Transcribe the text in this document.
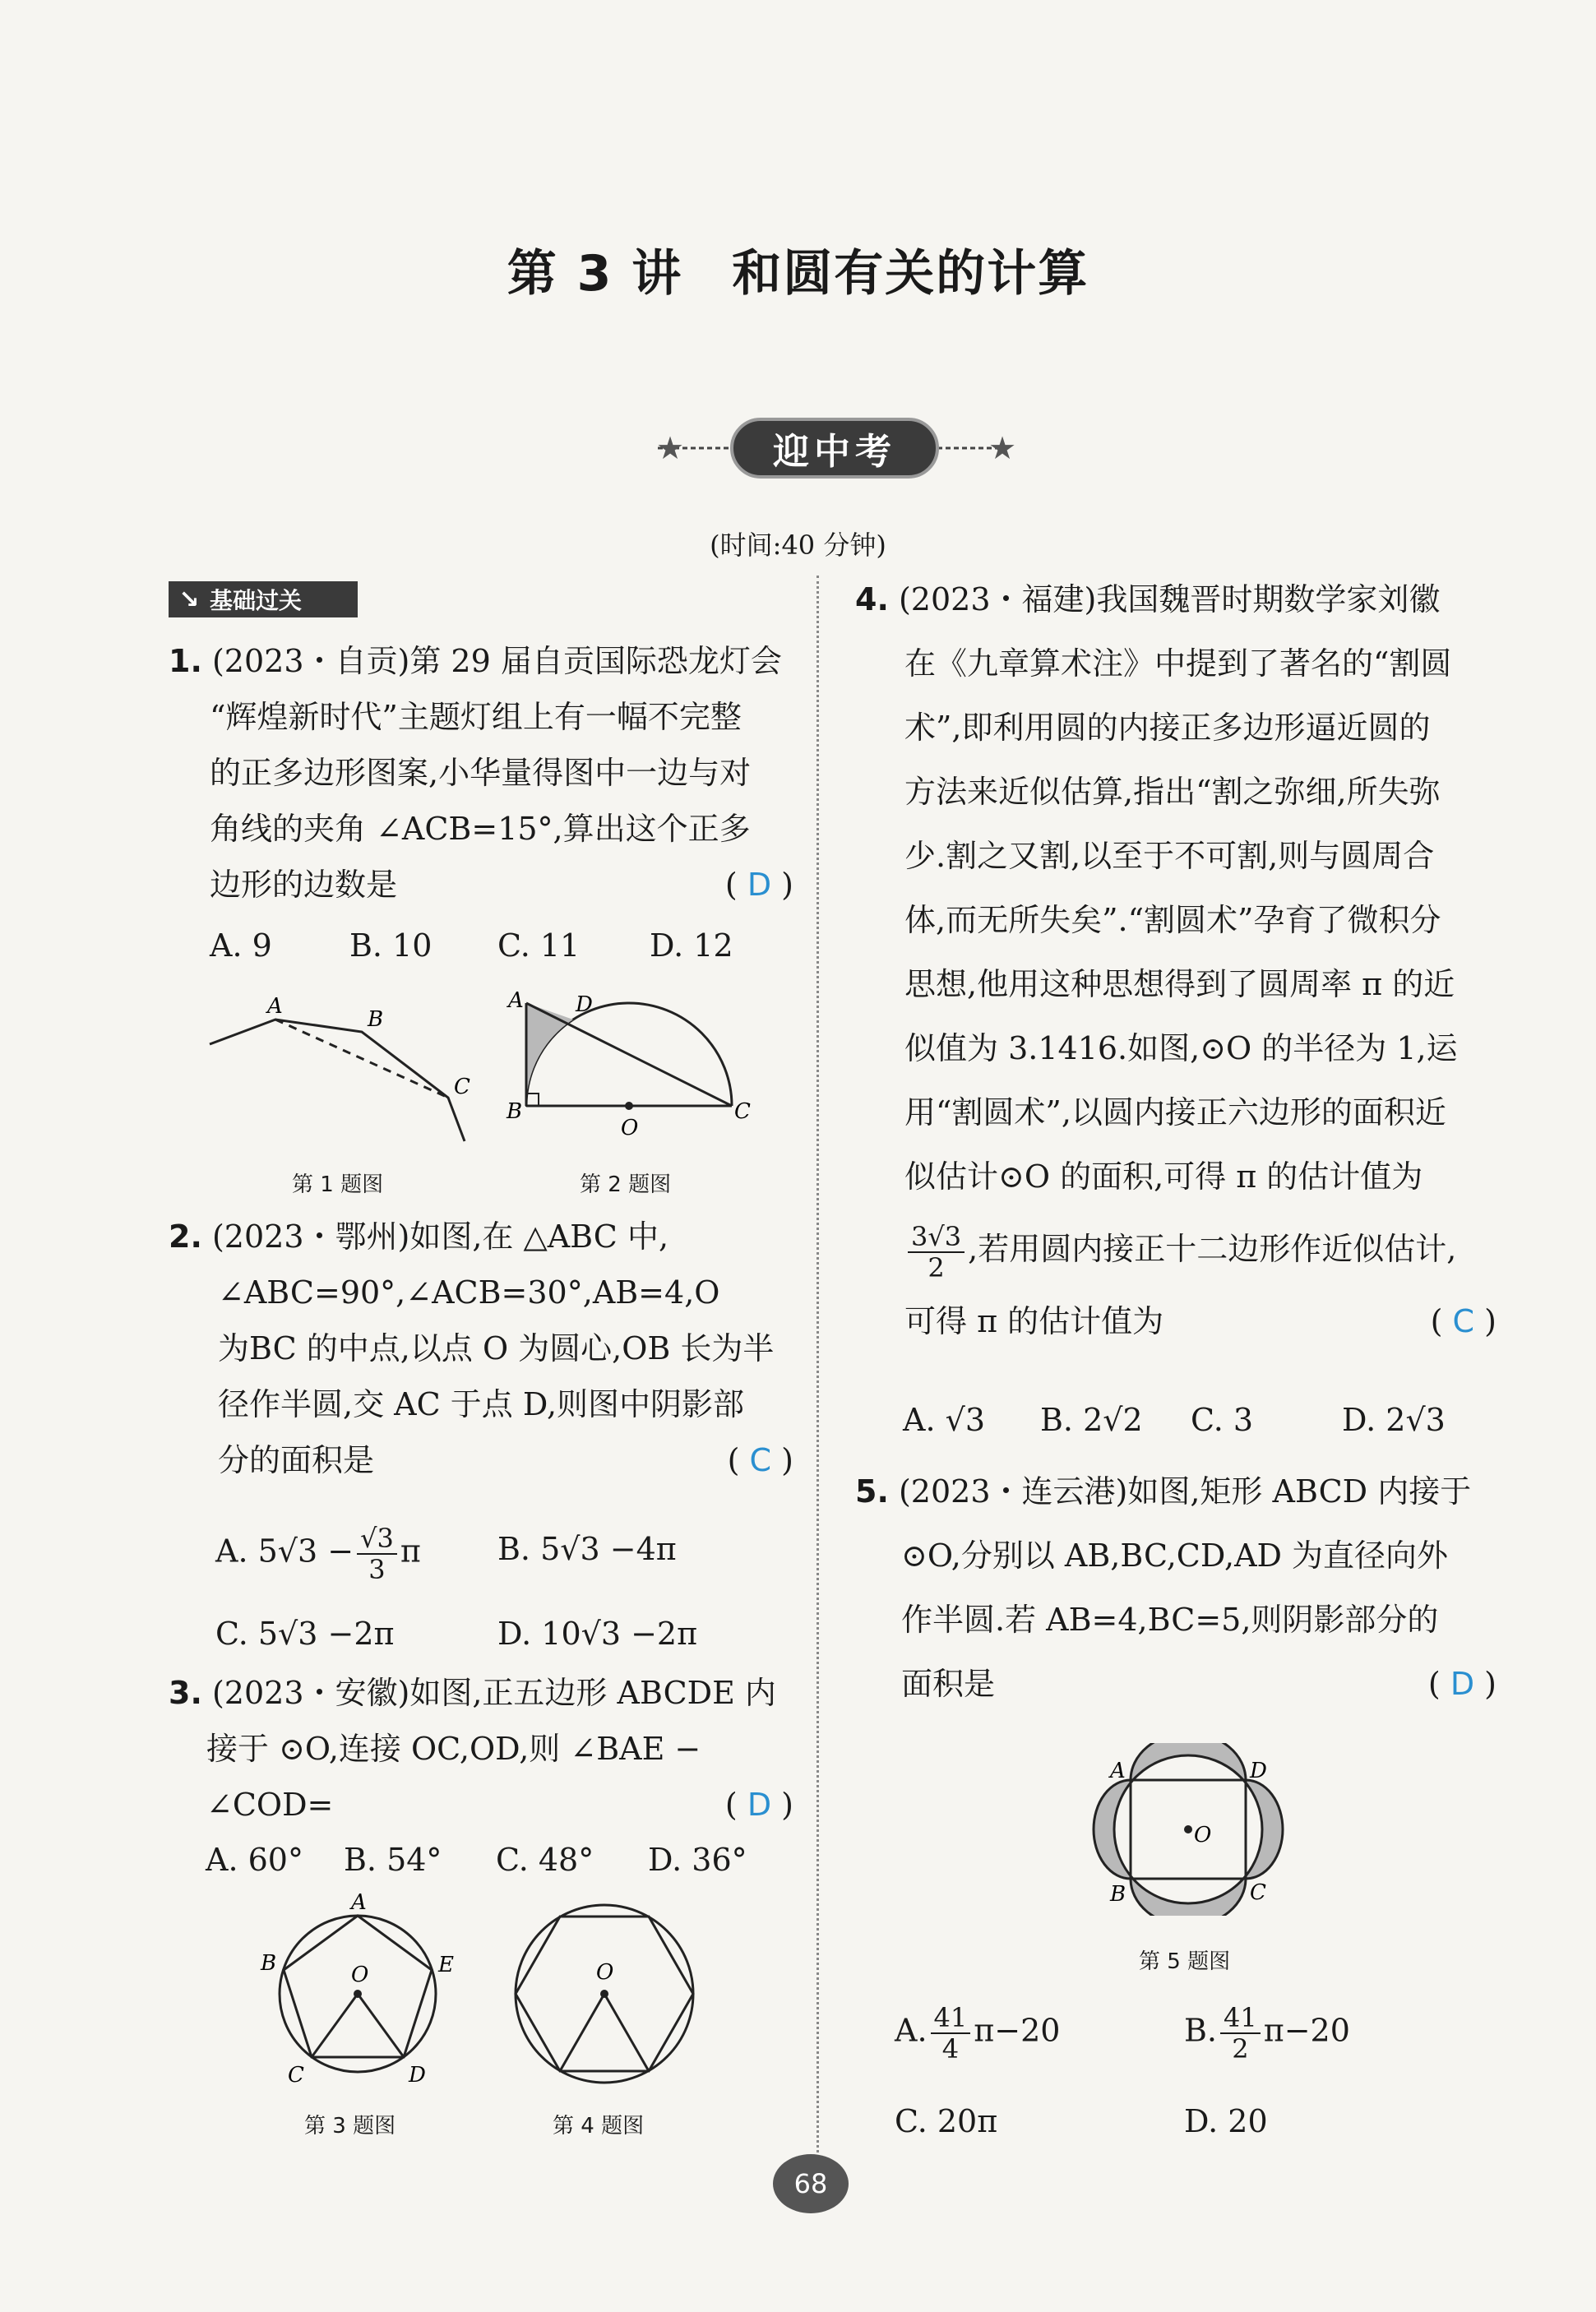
第 3 讲 和圆有关的计算
★	★
迎中考
(时间:40 分钟)
↘ 基础过关
1. (2023・自贡)第 29 届自贡国际恐龙灯会
“辉煌新时代”主题灯组上有一幅不完整
的正多边形图案,小华量得图中一边与对
角线的夹角 ∠ACB=15°,算出这个正多
边形的边数是	( D )
A. 9 B. 10 C. 11 D. 12
A
B
C
第 1 题图
A D
B
O
C
第 2 题图
2. (2023・鄂州)如图,在 △ABC 中,
∠ABC=90°,∠ACB=30°,AB=4,O
为BC 的中点,以点 O 为圆心,OB 长为半
径作半圆,交 AC 于点 D,则图中阴影部
分的面积是	( C )
A. $5√3 - \frac{√3}{3}$ π B. 5√3 −4π
C. 5√3 −2π	D. 10√3 −2π
3. (2023・安徽)如图,正五边形 ABCDE 内
接于 ⊙O,连接 OC,OD,则 ∠BAE −
∠COD=	( D )
A. 60° B. 54° C. 48° D. 36°
A
B	E
O
C	D
第 3 题图
O
第 4 题图
4. (2023・福建)我国魏晋时期数学家刘徽
在《九章算术注》中提到了著名的“割圆
术”,即利用圆的内接正多边形逼近圆的
方法来近似估算,指出“割之弥细,所失弥
少.割之又割,以至于不可割,则与圆周合
体,而无所失矣”.“割圆术”孕育了微积分
思想,他用这种思想得到了圆周率 π 的近
似值为 3.1416.如图,⊙O 的半径为 1,运
用“割圆术”,以圆内接正六边形的面积近
似估计⊙O 的面积,可得 π 的估计值为
$\frac{3√3}{2}$ ,若用圆内接正十二边形作近似估计,
可得 π 的估计值为	( C )
A. √3 B. 2√2 C. 3	D. 2√3
5. (2023・连云港)如图,矩形 ABCD 内接于
⊙O,分别以 AB,BC,CD,AD 为直径向外
作半圆.若 AB=4,BC=5,则阴影部分的
面积是	( D )
A	D
O
B	C
第 5 题图
A. $\frac{41}{4} \pi-20$	B. $\frac{41}{2} \pi-20$
C. 20π	D. 20
68
